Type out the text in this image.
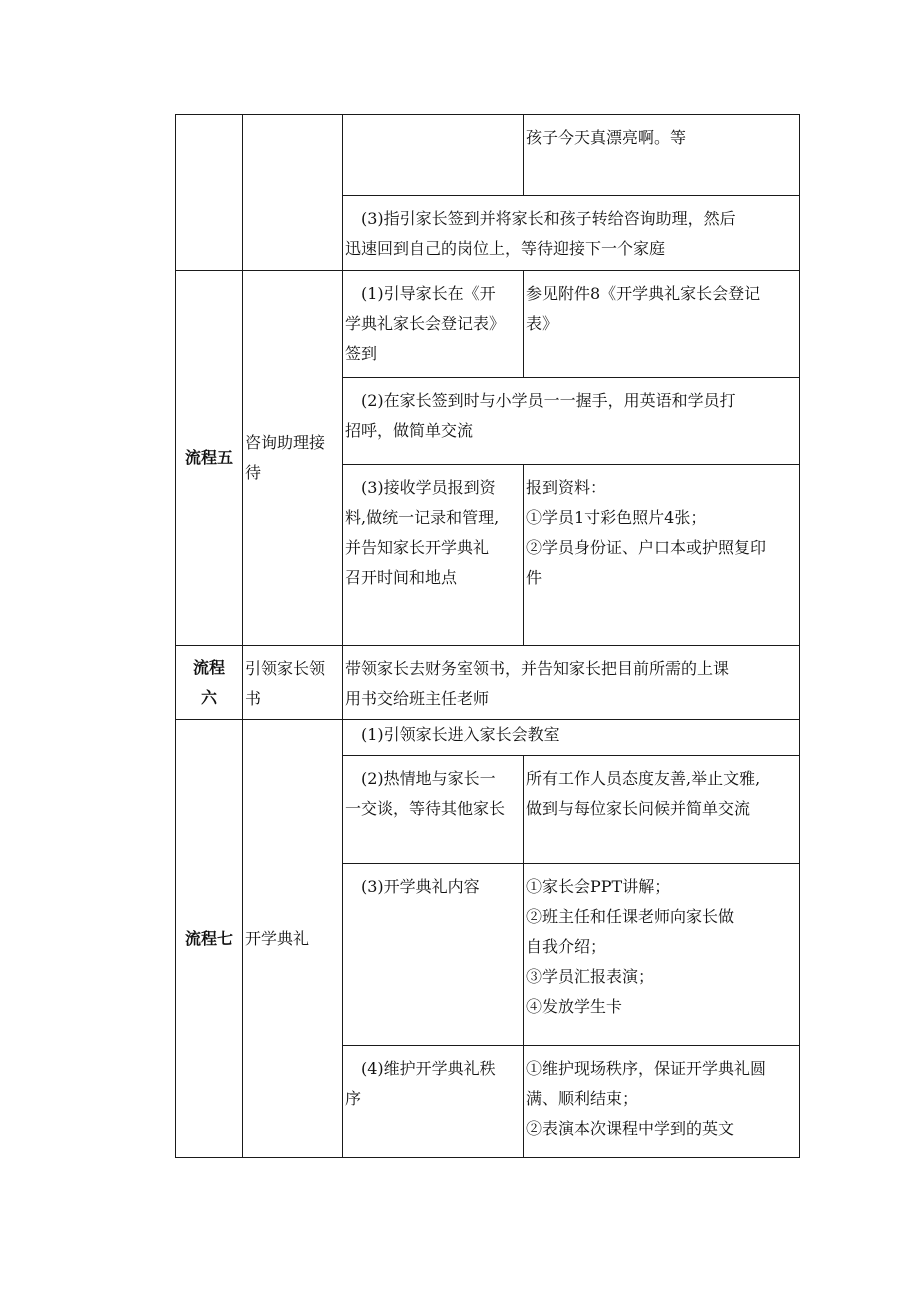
			孩子今天真漂亮啊。等

		(3)指引家长签到并将家长和孩子转给咨询助理，然后
迅速回到自己的岗位上，等待迎接下一个家庭	

流程五	咨询助理接待	(1)引导家长在《开
学典礼家长会登记表》
签到	参见附件8《开学典礼家长会登记
表》

		(2)在家长签到时与小学员一一握手，用英语和学员打
招呼，做简单交流	

		(3)接收学员报到资
料,做统一记录和管理,
并告知家长开学典礼
召开时间和地点	报到资料：
①学员1寸彩色照片4张；
②学员身份证、户口本或护照复印
件

流程
六	引领家长领
书	带领家长去财务室领书，并告知家长把目前所需的上课
用书交给班主任老师	

流程七	开学典礼	(1)引领家长进入家长会教室	

		(2)热情地与家长一
一交谈，等待其他家长	所有工作人员态度友善,举止文雅,
做到与每位家长问候并简单交流

		(3)开学典礼内容	①家长会PPT讲解；
②班主任和任课老师向家长做
自我介绍；
③学员汇报表演；
④发放学生卡

		(4)维护开学典礼秩
序	①维护现场秩序，保证开学典礼圆
满、顺利结束；
②表演本次课程中学到的英文
